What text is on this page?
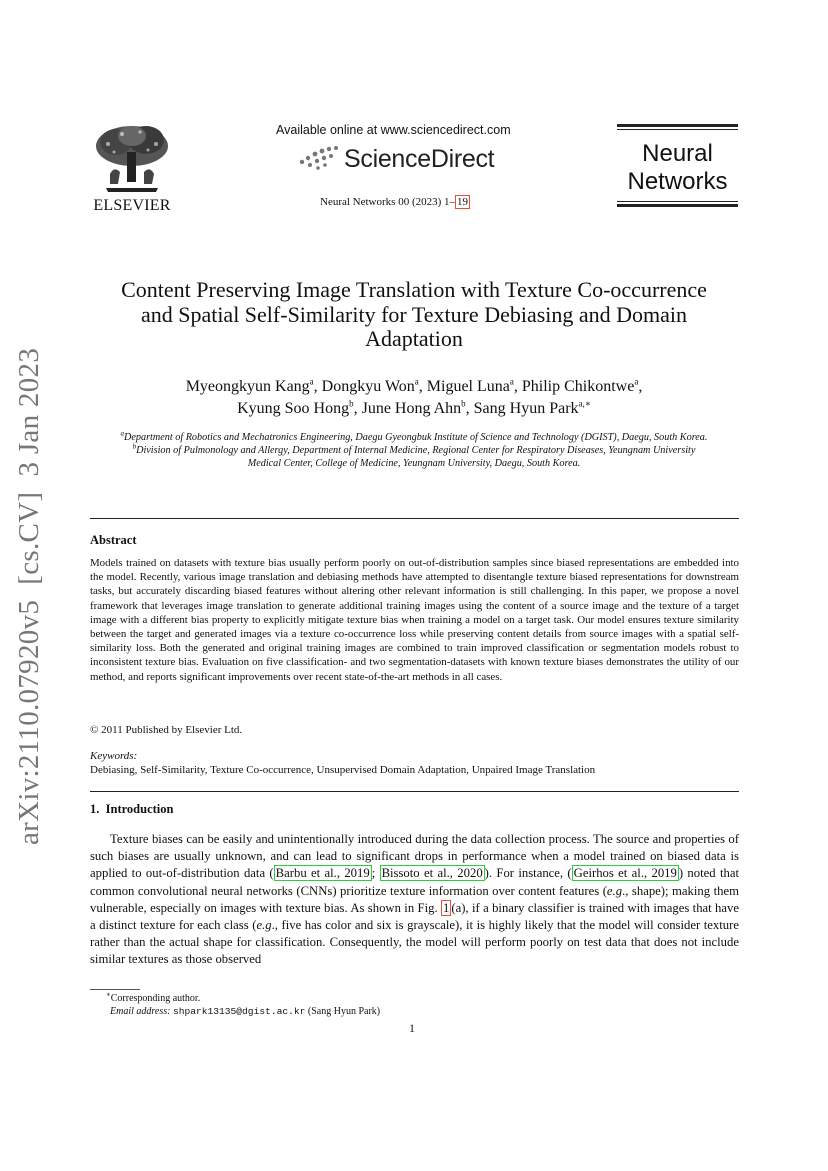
arXiv:2110.07920v5  [cs.CV]  3 Jan 2023
ELSEVIER
Available online at www.sciencedirect.com
ScienceDirect
Neural Networks 00 (2023) 1– 19
Neural
Networks
Content Preserving Image Translation with Texture Co-occurrence
and Spatial Self-Similarity for Texture Debiasing and Domain
Adaptation
Myeongkyun Kang$^a$, Dongkyu Won$^a$, Miguel Luna$^a$, Philip Chikontwe$^a$,
Kyung Soo Hong$^b$, June Hong Ahn$^b$, Sang Hyun Park$^{a,∗}$
$^a$Department of Robotics and Mechatronics Engineering, Daegu Gyeongbuk Institute of Science and Technology (DGIST), Daegu, South Korea.
$^b$Division of Pulmonology and Allergy, Department of Internal Medicine, Regional Center for Respiratory Diseases, Yeungnam University
Medical Center, College of Medicine, Yeungnam University, Daegu, South Korea.
Abstract
Models trained on datasets with texture bias usually perform poorly on out-of-distribution samples since biased representations are embedded into the model. Recently, various image translation and debiasing methods have attempted to disentangle texture biased representations for downstream tasks, but accurately discarding biased features without altering other relevant information is still challenging. In this paper, we propose a novel framework that leverages image translation to generate additional training images using the content of a source image and the texture of a target image with a different bias property to explicitly mitigate texture bias when training a model on a target task. Our model ensures texture similarity between the target and generated images via a texture co-occurrence loss while preserving content details from source images with a spatial self-similarity loss. Both the generated and original training images are combined to train improved classification or segmentation models robust to inconsistent texture bias. Evaluation on five classification- and two segmentation-datasets with known texture biases demonstrates the utility of our method, and reports significant improvements over recent state-of-the-art methods in all cases.
© 2011 Published by Elsevier Ltd.
Keywords:
Debiasing, Self-Similarity, Texture Co-occurrence, Unsupervised Domain Adaptation, Unpaired Image Translation
1.  Introduction
Texture biases can be easily and unintentionally introduced during the data collection process. The source and properties of such biases are usually unknown, and can lead to significant drops in performance when a model trained on biased data is applied to out-of-distribution data ( Barbu et al., 2019 ; Bissoto et al., 2020 ). For instance, ( Geirhos et al., 2019 ) noted that common convolutional neural networks (CNNs) prioritize texture information over content features (e.g., shape); making them vulnerable, especially on images with texture bias. As shown in Fig. 1 (a), if a binary classifier is trained with images that have a distinct texture for each class (e.g., five has color and six is grayscale), it is highly likely that the model will consider texture rather than the actual shape for classification. Consequently, the model will perform poorly on test data that does not include similar textures as those observed
∗Corresponding author.
Email address: shpark13135@dgist.ac.kr (Sang Hyun Park)
1
